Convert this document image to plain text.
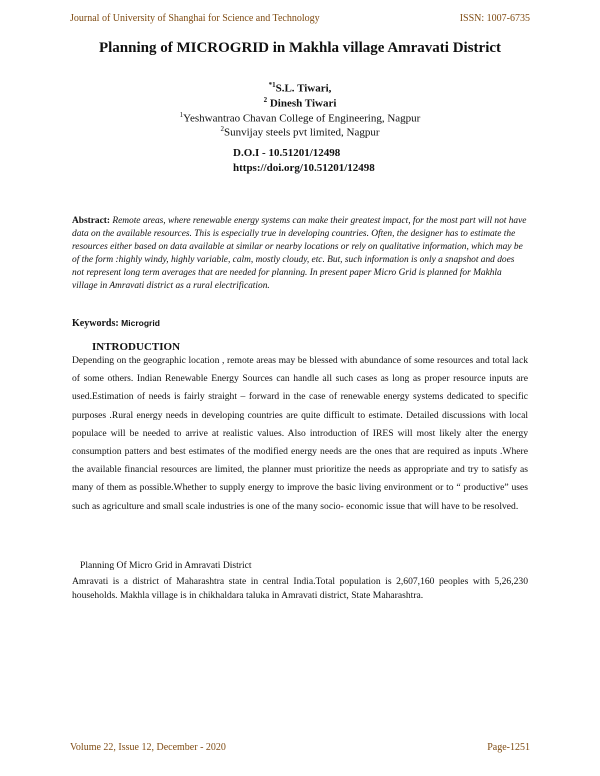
Journal of University of Shanghai for Science and Technology	ISSN: 1007-6735
Planning of MICROGRID in Makhla village Amravati District
$^{*1}$S.L. Tiwari,
$^2$ Dinesh Tiwari
$^1$Yeshwantrao Chavan College of Engineering, Nagpur
$^2$Sunvijay steels pvt limited, Nagpur
D.O.I - 10.51201/12498
https://doi.org/10.51201/12498
Abstract: Remote areas, where renewable energy systems can make their greatest impact, for the most part will not have data on the available resources. This is especially true in developing countries. Often, the designer has to estimate the resources either based on data available at similar or nearby locations or rely on qualitative information, which may be of the form :highly windy, highly variable, calm, mostly cloudy, etc. But, such information is only a snapshot and does not represent long term averages that are needed for planning. In present paper Micro Grid is planned for Makhla village in Amravati district as a rural electrification.
Keywords: Microgrid
INTRODUCTION
Depending on the geographic location , remote areas may be blessed with abundance of some resources and total lack of some others. Indian Renewable Energy Sources can handle all such cases as long as proper resource inputs are used.Estimation of needs is fairly straight – forward in the case of renewable energy systems dedicated to specific purposes .Rural energy needs in developing countries are quite difficult to estimate. Detailed discussions with local populace will be needed to arrive at realistic values. Also introduction of IRES will most likely alter the energy consumption patters and best estimates of the modified energy needs are the ones that are required as inputs .Where the available financial resources are limited, the planner must prioritize the needs as appropriate and try to satisfy as many of them as possible.Whether to supply energy to improve the basic living environment or to “ productive” uses such as agriculture and small scale industries is one of the many socio- economic issue that will have to be resolved.
Planning Of Micro Grid in Amravati District
Amravati is a district of Maharashtra state in central India.Total population is 2,607,160 peoples with 5,26,230 households. Makhla village is in chikhaldara taluka in Amravati district, State Maharashtra.
Volume 22, Issue 12, December - 2020	Page-1251
